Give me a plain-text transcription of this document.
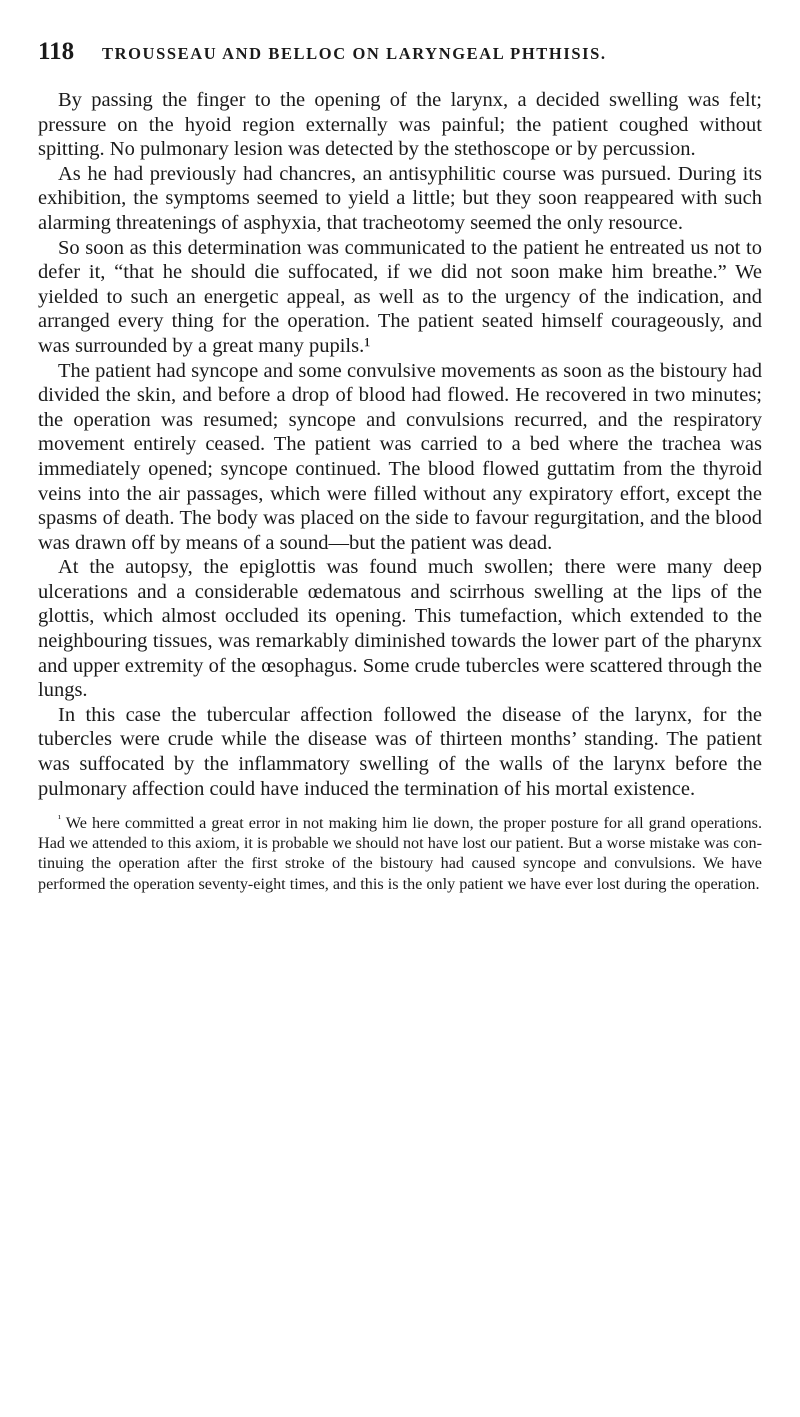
118	TROUSSEAU AND BELLOC ON LARYNGEAL PHTHISIS.

By passing the finger to the opening of the larynx, a decided swelling was felt; pressure on the hyoid region externally was painful; the patient coughed without spitting. No pulmonary lesion was detected by the stethoscope or by percussion.

As he had previously had chancres, an antisyphilitic course was pursued. During its exhibition, the symptoms seemed to yield a little; but they soon reappeared with such alarming threatenings of asphyxia, that tracheotomy seemed the only resource.

So soon as this determination was communicated to the patient he entreated us not to defer it, “that he should die suffocated, if we did not soon make him breathe.” We yielded to such an energetic appeal, as well as to the urgency of the indication, and arranged every thing for the operation. The patient seated himself courageously, and was surrounded by a great many pupils.¹

The patient had syncope and some convulsive movements as soon as the bistoury had divided the skin, and before a drop of blood had flowed. He recovered in two minutes; the operation was resumed; syncope and convulsions recurred, and the respiratory movement entirely ceased. The patient was carried to a bed where the trachea was immediately opened; syncope continued. The blood flowed guttatim from the thyroid veins into the air passages, which were filled without any expiratory effort, except the spasms of death. The body was placed on the side to favour regurgitation, and the blood was drawn off by means of a sound—but the patient was dead.

At the autopsy, the epiglottis was found much swollen; there were many deep ulcerations and a considerable œdematous and scirrhous swelling at the lips of the glottis, which almost occluded its opening. This tumefaction, which extended to the neighbouring tissues, was remarkably diminished towards the lower part of the pharynx and upper extremity of the œsophagus. Some crude tubercles were scattered through the lungs.

In this case the tubercular affection followed the disease of the larynx, for the tubercles were crude while the disease was of thirteen months’ standing. The patient was suffocated by the inflammatory swelling of the walls of the larynx before the pulmonary affection could have induced the termination of his mortal existence.

$^{^1}$ We here committed a great error in not making him lie down, the proper posture for all grand operations. Had we attended to this axiom, it is probable we should not have lost our patient. But a worse mistake was continuing the operation after the first stroke of the bistoury had caused syncope and convulsions. We have performed the operation seventy-eight times, and this is the only patient we have ever lost during the operation.
